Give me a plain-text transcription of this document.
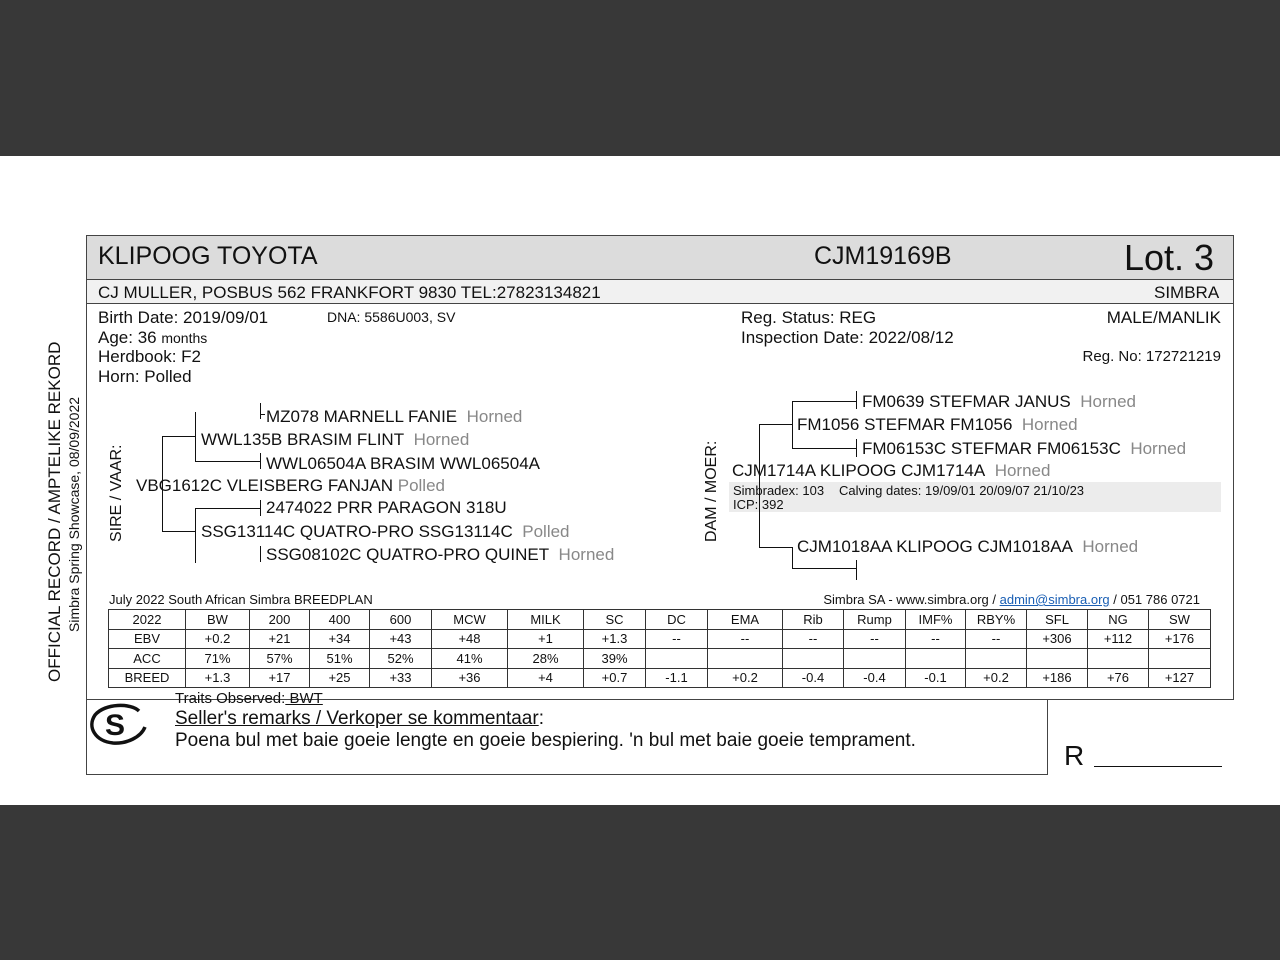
KLIPOOG TOYOTA	CJM19169B	Lot. 3
CJ MULLER, POSBUS 562 FRANKFORT 9830 TEL:27823134821	SIMBRA
Birth Date: 2019/09/01	DNA: 5586U003, SV
Age: 36 months
Herdbook: F2
Horn: Polled
Reg. Status: REG
Inspection Date: 2022/08/12
MALE/MANLIK
Reg. No: 172721219
OFFICIAL RECORD / AMPTELIKE REKORD Simbra Spring Showcase, 08/09/2022 SIRE / VAAR:	DAM / MOER:
MZ078 MARNELL FANIE Horned
WWL135B BRASIM FLINT Horned
WWL06504A BRASIM WWL06504A
VBG1612C VLEISBERG FANJAN Polled
2474022 PRR PARAGON 318U
SSG13114C QUATRO-PRO SSG13114C Polled
SSG08102C QUATRO-PRO QUINET Horned
FM0639 STEFMAR JANUS Horned
FM1056 STEFMAR FM1056 Horned
FM06153C STEFMAR FM06153C Horned
CJM1714A KLIPOOG CJM1714A Horned
Simbradex: 103 Calving dates: 19/09/01 20/09/07 21/10/23
ICP: 392
CJM1018AA KLIPOOG CJM1018AA Horned
July 2022 South African Simbra BREEDPLAN	Simbra SA - www.simbra.org / admin@simbra.org / 051 786 0721
2022	BW	200	400	600	MCW	MILK	SC	DC	EMA	Rib	Rump	IMF%	RBY%	SFL	NG	SW
EBV	+0.2	+21	+34	+43	+48	+1	+1.3	--	--	--	--	--	--	+306	+112	+176
ACC	71%	57%	51%	52%	41%	28%	39%									
BREED	+1.3	+17	+25	+33	+36	+4	+0.7	-1.1	+0.2	-0.4	-0.4	-0.1	+0.2	+186	+76	+127
S
Traits Observed: BWT
Seller's remarks / Verkoper se kommentaar:
Poena bul met baie goeie lengte en goeie bespiering. 'n bul met baie goeie temprament.	R
